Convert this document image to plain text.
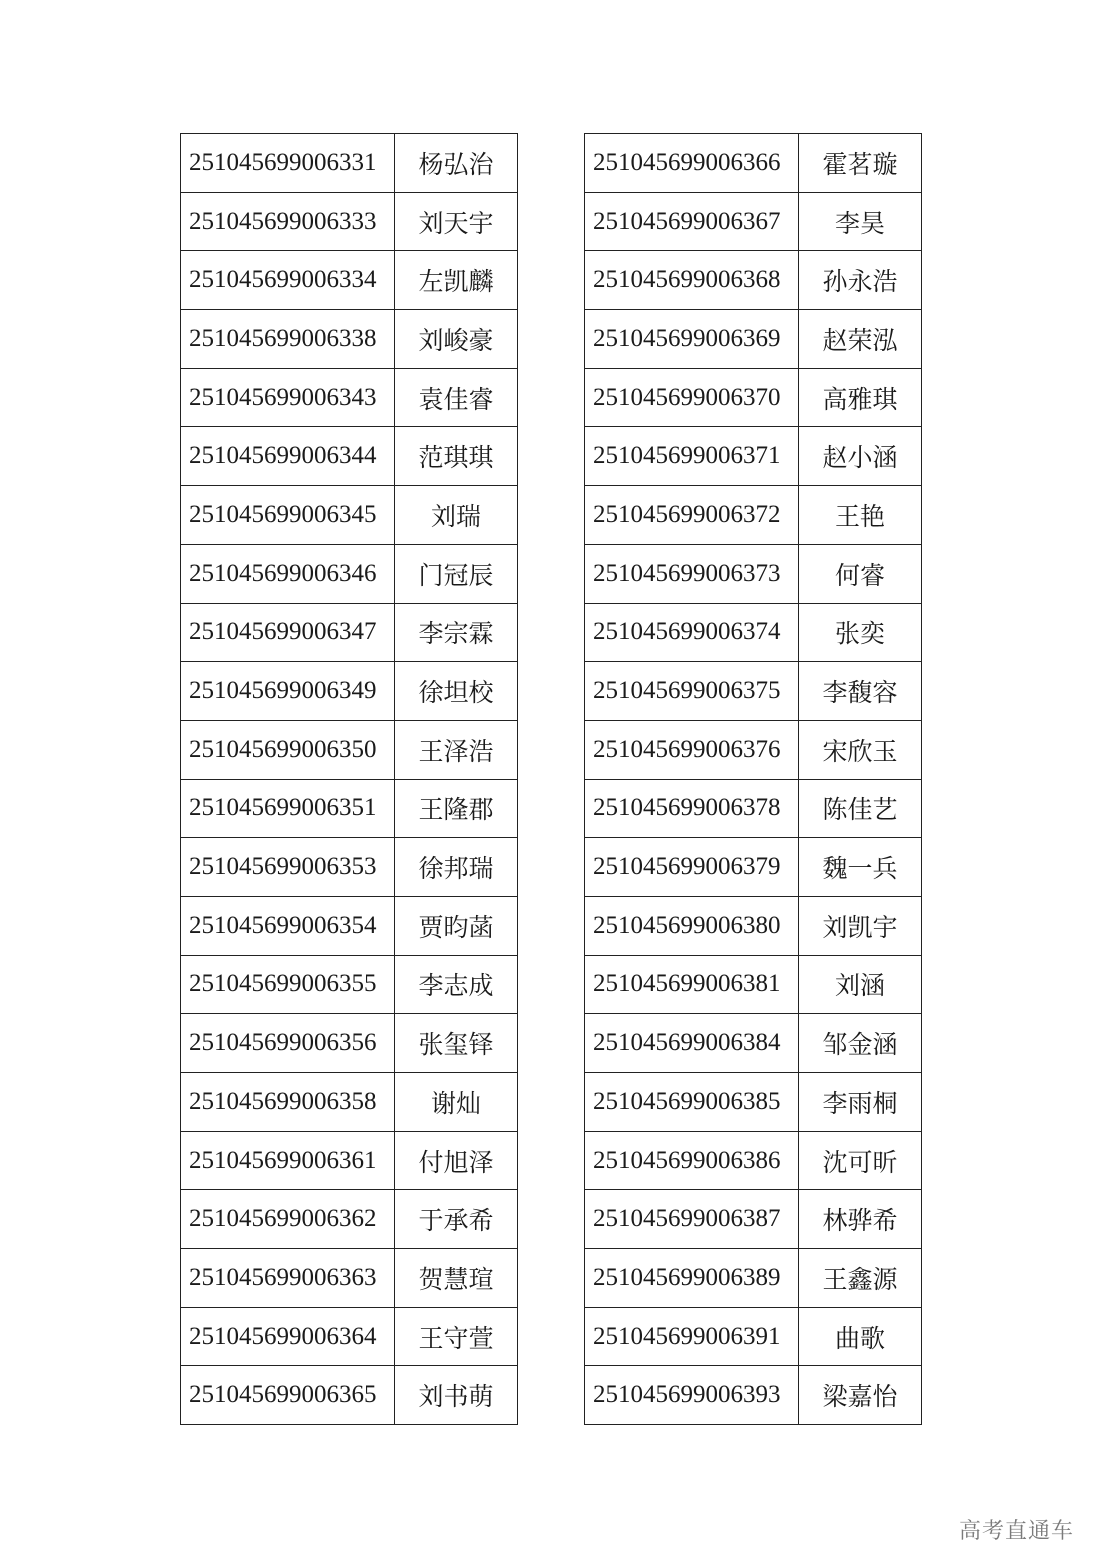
251045699006331	杨弘治
251045699006333	刘天宇
251045699006334	左凯麟
251045699006338	刘峻豪
251045699006343	袁佳睿
251045699006344	范琪琪
251045699006345	刘瑞
251045699006346	门冠辰
251045699006347	李宗霖
251045699006349	徐坦校
251045699006350	王泽浩
251045699006351	王隆郡
251045699006353	徐邦瑞
251045699006354	贾昀菡
251045699006355	李志成
251045699006356	张玺铎
251045699006358	谢灿
251045699006361	付旭泽
251045699006362	于承希
251045699006363	贺慧瑄
251045699006364	王守萱
251045699006365	刘书萌
251045699006366	霍茗璇
251045699006367	李昊
251045699006368	孙永浩
251045699006369	赵荣泓
251045699006370	高雅琪
251045699006371	赵小涵
251045699006372	王艳
251045699006373	何睿
251045699006374	张奕
251045699006375	李馥容
251045699006376	宋欣玉
251045699006378	陈佳艺
251045699006379	魏一兵
251045699006380	刘凯宇
251045699006381	刘涵
251045699006384	邹金涵
251045699006385	李雨桐
251045699006386	沈可昕
251045699006387	林骅希
251045699006389	王鑫源
251045699006391	曲歌
251045699006393	梁嘉怡
高考直通车
